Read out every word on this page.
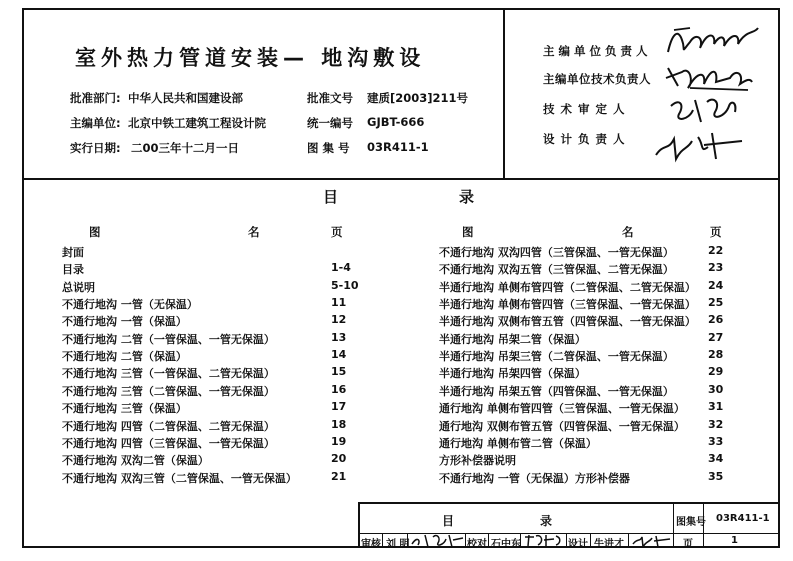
室外热力管道安装— 地沟敷设
批准部门: 中华人民共和国建设部
主编单位: 北京中铁工建筑工程设计院
实行日期: 二00三年十二月一日
批准文号 建质[2003]211号
统一编号 GJBT-666
图 集 号 03R411-1
主编单位负责人
主编单位技术负责人
技 术 审 定 人
设 计 负 责 人
目	录
图	名	页	图	名	页
封面
目录	1-4
总说明	5-10
不通行地沟 一管（无保温）	11
不通行地沟 一管（保温）	12
不通行地沟 二管（一管保温、一管无保温）	13
不通行地沟 二管（保温）	14
不通行地沟 三管（一管保温、二管无保温）	15
不通行地沟 三管（二管保温、一管无保温）	16
不通行地沟 三管（保温）	17
不通行地沟 四管（二管保温、二管无保温）	18
不通行地沟 四管（三管保温、一管无保温）	19
不通行地沟 双沟二管（保温）	20
不通行地沟 双沟三管（二管保温、一管无保温）	21
不通行地沟 双沟四管（三管保温、一管无保温）	22
不通行地沟 双沟五管（三管保温、二管无保温）	23
半通行地沟 单侧布管四管（二管保温、二管无保温） 24
半通行地沟 单侧布管四管（三管保温、一管无保温） 25
半通行地沟 双侧布管五管（四管保温、一管无保温） 26
半通行地沟 吊架二管（保温）	27
半通行地沟 吊架三管（二管保温、一管无保温）	28
半通行地沟 吊架四管（保温）	29
半通行地沟 吊架五管（四管保温、一管无保温）	30
通行地沟 单侧布管四管（三管保温、一管无保温） 31
通行地沟 双侧布管五管（四管保温、一管无保温） 32
通行地沟 单侧布管二管（保温）	33
方形补偿器说明	34
不通行地沟 一管（无保温）方形补偿器	35
目	录	图集号 03R411-1
审核 刘 明	校对 石中东	设计 牛进才	页	1
